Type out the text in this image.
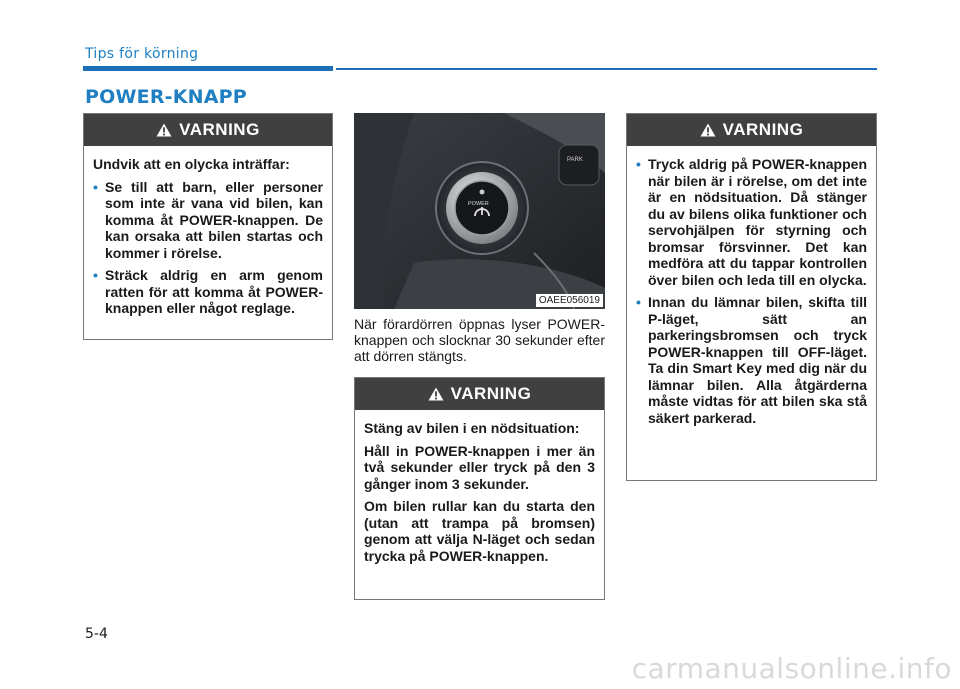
Tips för körning
POWER-KNAPP
VARNING

Undvik att en olycka inträffar:

• Se till att barn, eller personer som inte är vana vid bilen, kan komma åt POWER-knappen. De kan orsaka att bilen startas och kommer i rörelse.
• Sträck aldrig en arm genom ratten för att komma åt POWER-knappen eller något reglage.
PARK
POWER
OAEE056019
När förardörren öppnas lyser POWER-knappen och slocknar 30 sekunder efter att dörren stängts.
VARNING

Stäng av bilen i en nödsituation:

Håll in POWER-knappen i mer än två sekunder eller tryck på den 3 gånger inom 3 sekunder.

Om bilen rullar kan du starta den (utan att trampa på bromsen) genom att välja N-läget och sedan trycka på POWER-knappen.

VARNING
• Tryck aldrig på POWER-knappen när bilen är i rörelse, om det inte är en nödsituation. Då stänger du av bilens olika funktioner och servohjälpen för styrning och bromsar försvinner. Det kan medföra att du tappar kontrollen över bilen och leda till en olycka.
• Innan du lämnar bilen, skifta till P-läget, sätt an parkeringsbromsen och tryck POWER-knappen till OFF-läget. Ta din Smart Key med dig när du lämnar bilen. Alla åtgärderna måste vidtas för att bilen ska stå säkert parkerad.
5-4
carmanualsonline.info
